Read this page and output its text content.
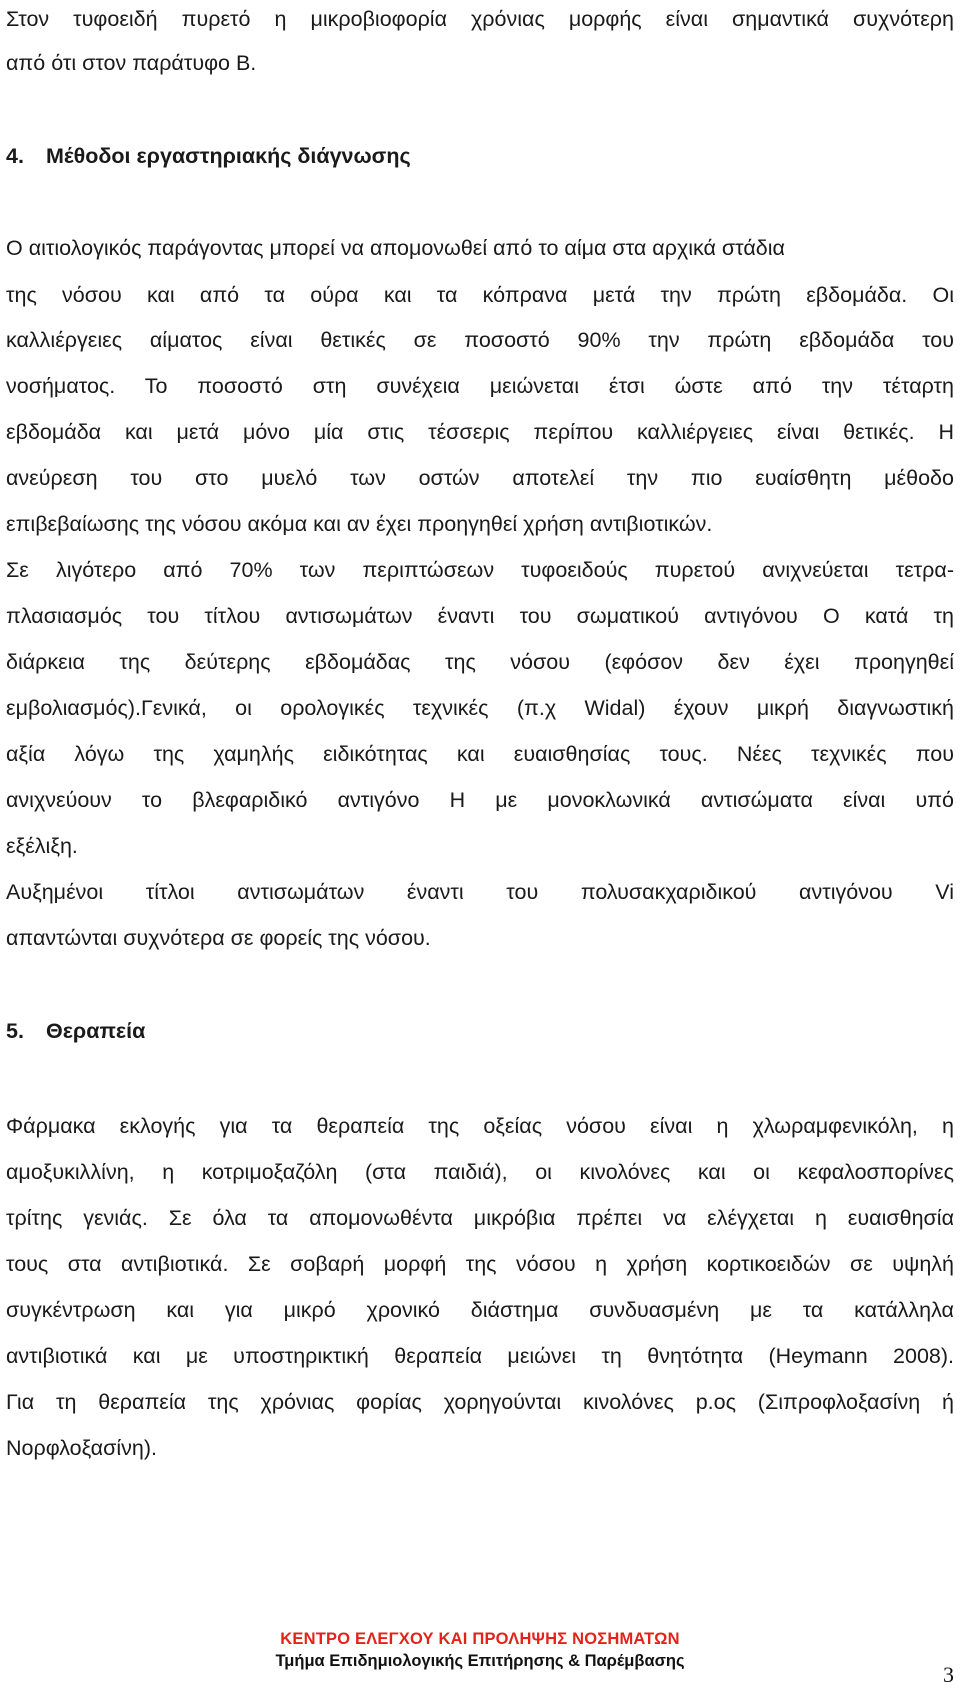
Στον τυφοειδή πυρετό η μικροβιοφορία χρόνιας μορφής είναι σημαντικά συχνότερη
από ότι στον παράτυφο Β.
4. Μέθοδοι εργαστηριακής διάγνωσης
Ο αιτιολογικός παράγοντας μπορεί να απομονωθεί από το αίμα στα αρχικά στάδια
της νόσου και από τα ούρα και τα κόπρανα μετά την πρώτη εβδομάδα. Οι
καλλιέργειες αίματος είναι θετικές σε ποσοστό 90% την πρώτη εβδομάδα του
νοσήματος. Το ποσοστό στη συνέχεια μειώνεται έτσι ώστε από την τέταρτη
εβδομάδα και μετά μόνο μία στις τέσσερις περίπου καλλιέργειες είναι θετικές. Η
ανεύρεση του στο μυελό των οστών αποτελεί την πιο ευαίσθητη μέθοδο
επιβεβαίωσης της νόσου ακόμα και αν έχει προηγηθεί χρήση αντιβιοτικών.
Σε λιγότερο από 70% των περιπτώσεων τυφοειδούς πυρετού ανιχνεύεται τετρα-
πλασιασμός του τίτλου αντισωμάτων έναντι του σωματικού αντιγόνου Ο κατά τη
διάρκεια της δεύτερης εβδομάδας της νόσου (εφόσον δεν έχει προηγηθεί
εμβολιασμός).Γενικά, οι ορολογικές τεχνικές (π.χ Widal) έχουν μικρή διαγνωστική
αξία λόγω της χαμηλής ειδικότητας και ευαισθησίας τους. Νέες τεχνικές που
ανιχνεύουν το βλεφαριδικό αντιγόνο Η με μονοκλωνικά αντισώματα είναι υπό
εξέλιξη.
Αυξημένοι τίτλοι αντισωμάτων έναντι του πολυσακχαριδικού αντιγόνου Vi
απαντώνται συχνότερα σε φορείς της νόσου.
5. Θεραπεία
Φάρμακα εκλογής για τα θεραπεία της οξείας νόσου είναι η χλωραμφενικόλη, η
αμοξυκιλλίνη, η κοτριμοξαζόλη (στα παιδιά), οι κινολόνες και οι κεφαλοσπορίνες
τρίτης γενιάς. Σε όλα τα απομονωθέντα μικρόβια πρέπει να ελέγχεται η ευαισθησία
τους στα αντιβιοτικά. Σε σοβαρή μορφή της νόσου η χρήση κορτικοειδών σε υψηλή
συγκέντρωση και για μικρό χρονικό διάστημα συνδυασμένη με τα κατάλληλα
αντιβιοτικά και με υποστηρικτική θεραπεία μειώνει τη θνητότητα (Heymann 2008).
Για τη θεραπεία της χρόνιας φορίας χορηγούνται κινολόνες p.ος (Σιπροφλοξασίνη ή
Νορφλοξασίνη).
ΚΕΝΤΡΟ ΕΛΕΓΧΟΥ ΚΑΙ ΠΡΟΛΗΨΗΣ ΝΟΣΗΜΑΤΩΝ
Τμήμα Επιδημιολογικής Επιτήρησης & Παρέμβασης
3
